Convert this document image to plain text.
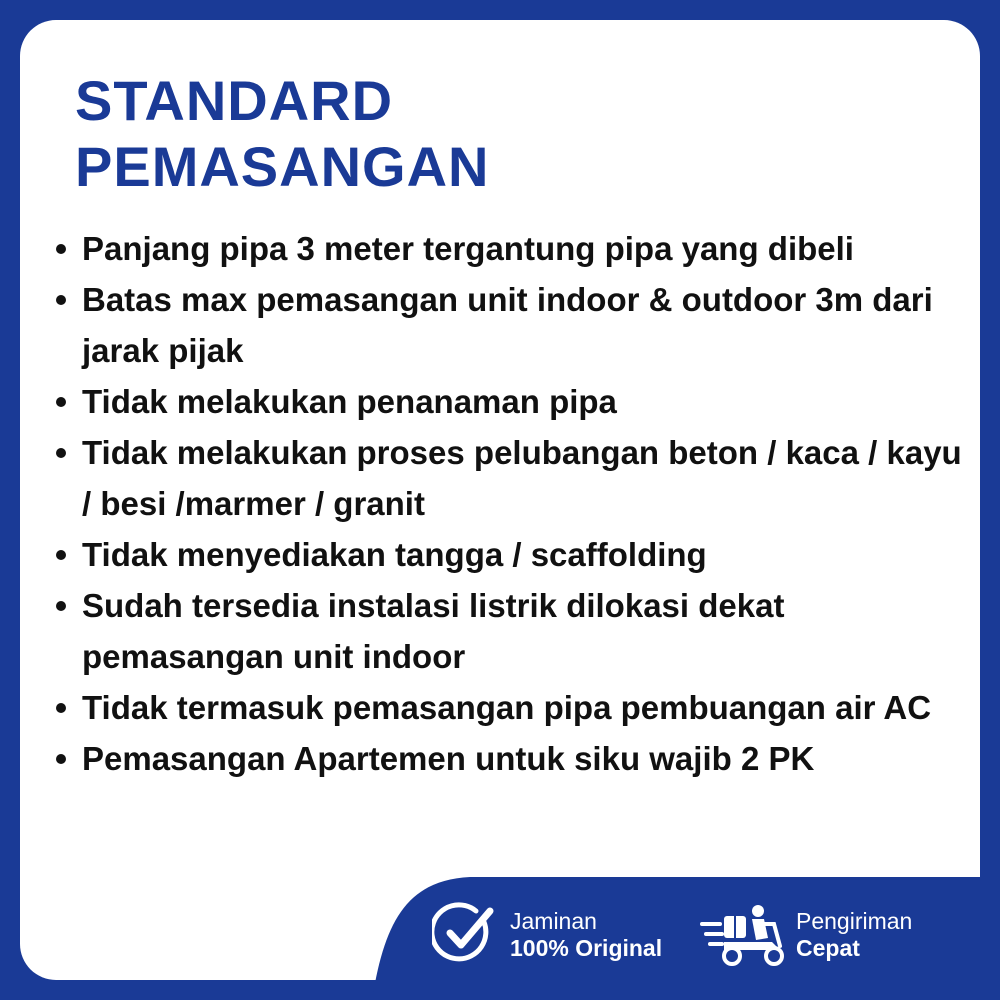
STANDARD
PEMASANGAN
Panjang pipa 3 meter tergantung pipa yang dibeli
Batas max pemasangan unit indoor & outdoor 3m dari jarak pijak
Tidak melakukan penanaman pipa
Tidak melakukan proses pelubangan beton / kaca / kayu / besi /marmer / granit
Tidak menyediakan tangga / scaffolding
Sudah tersedia instalasi listrik dilokasi dekat pemasangan unit indoor
Tidak termasuk pemasangan pipa pembuangan air AC
Pemasangan Apartemen untuk siku wajib 2 PK
Jaminan
100% Original
Pengiriman
Cepat
